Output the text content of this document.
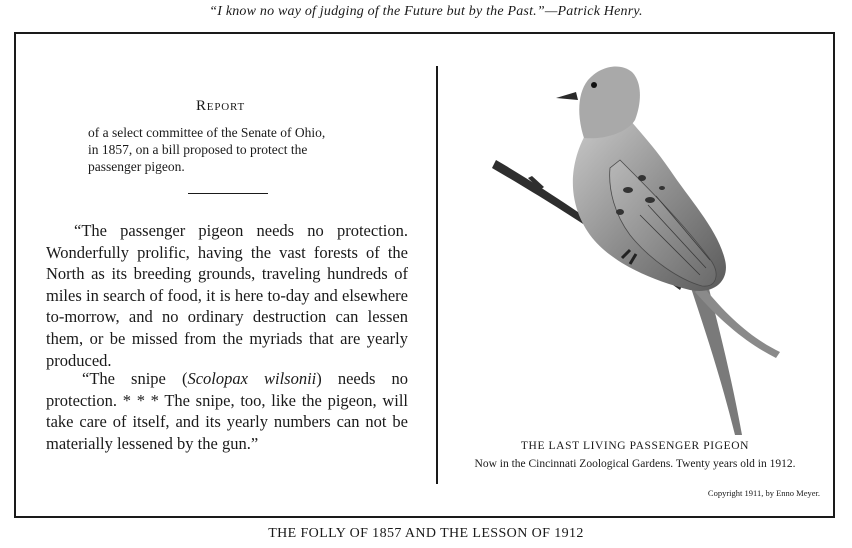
“I know no way of judging of the Future but by the Past.”—Patrick Henry.
Report
of a select committee of the Senate of Ohio,
in 1857, on a bill proposed to protect the
passenger pigeon.

“The passenger pigeon needs no protection. Wonderfully prolific, having the vast forests of the North as its breeding grounds, traveling hundreds of miles in search of food, it is here to-day and elsewhere to-morrow, and no ordinary destruction can lessen them, or be missed from the myriads that are yearly produced.

“The snipe (Scolopax wilsonii) needs no protection. * * * The snipe, too, like the pigeon, will take care of itself, and its yearly numbers can not be materially lessened by the gun.”	THE LAST LIVING PASSENGER PIGEON
Now in the Cincinnati Zoological Gardens. Twenty years old in 1912.
Copyright 1911, by Enno Meyer.
THE FOLLY OF 1857 AND THE LESSON OF 1912
